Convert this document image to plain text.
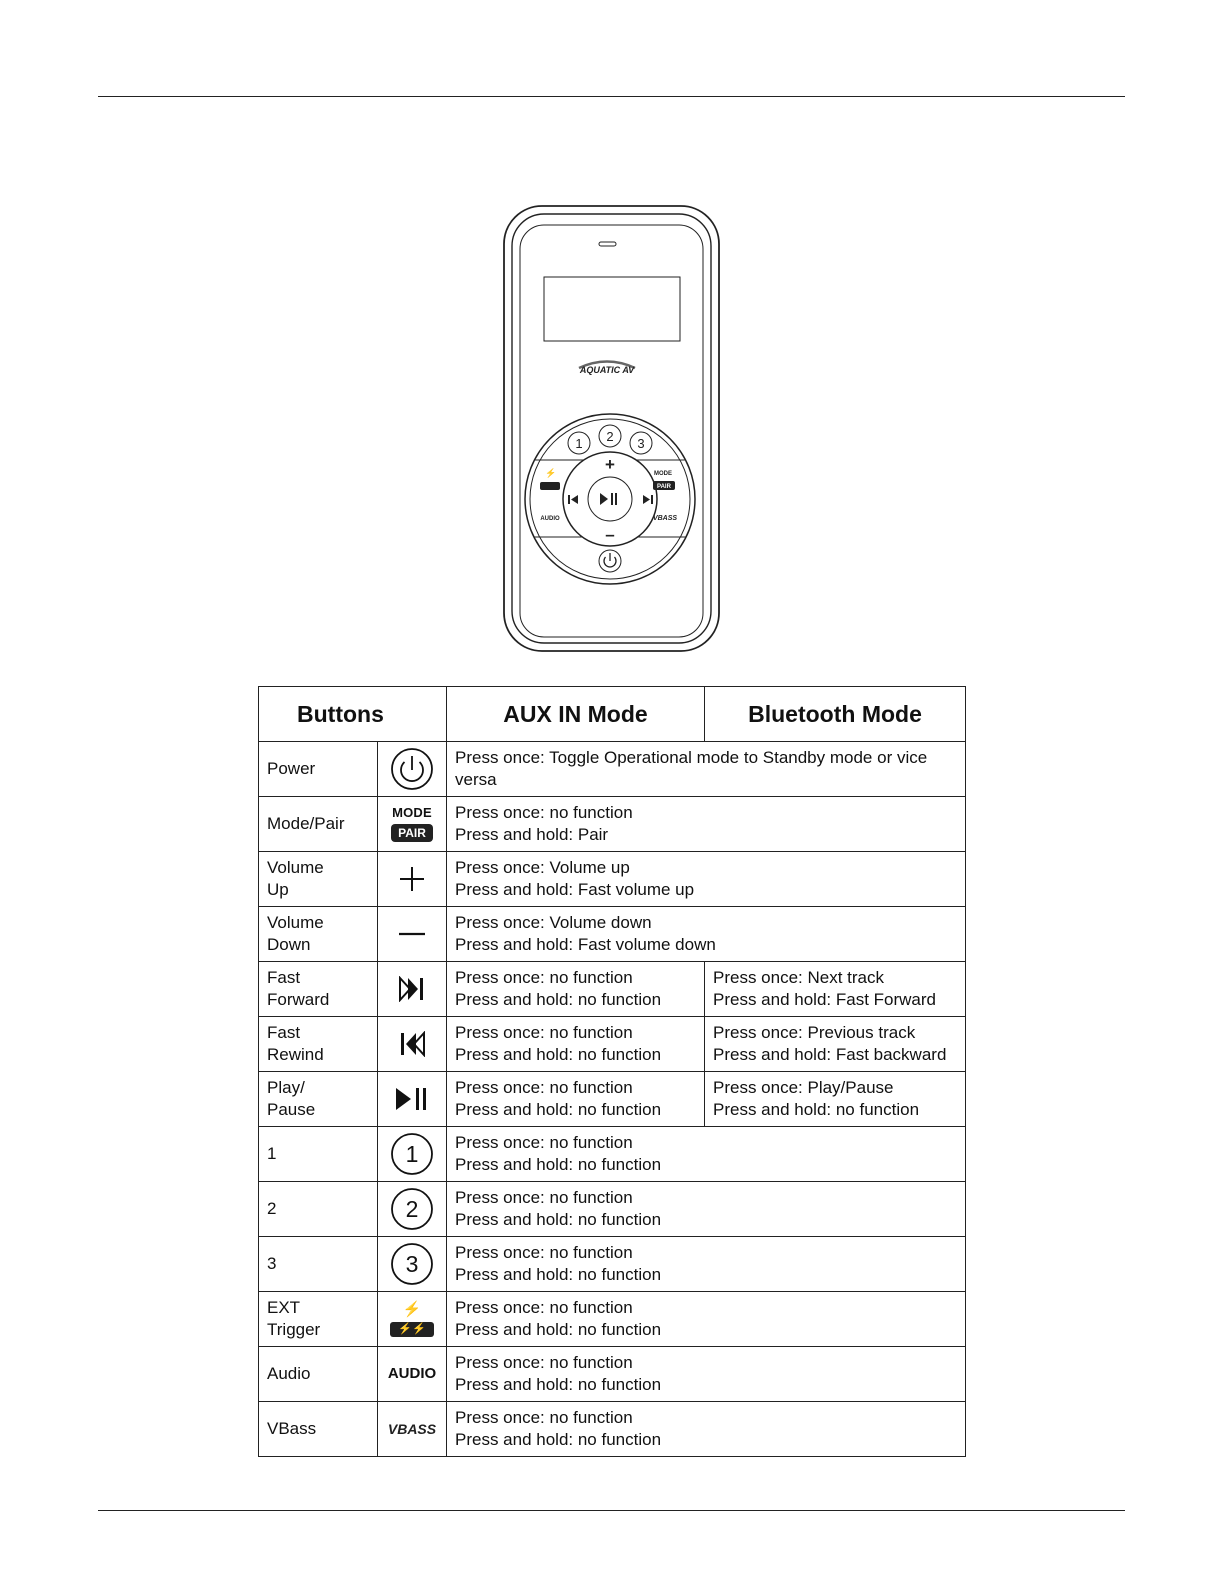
AQUATIC AV
1 2 3
+
–
⚡	MODE
PAIR
AUDIO	VBASS
Buttons		AUX IN Mode	Bluetooth Mode
Power		Press once: Toggle Operational mode to Standby mode or vice versa	
Mode/Pair	MODE
PAIR	Press once: no function
Press and hold: Pair	
Volume
Up		Press once: Volume up
Press and hold: Fast volume up	
Volume
Down		Press once: Volume down
Press and hold: Fast volume down	
Fast
Forward		Press once: no function
Press and hold: no function	Press once: Next track
Press and hold: Fast Forward
Fast
Rewind		Press once: no function
Press and hold: no function	Press once: Previous track
Press and hold: Fast backward
Play/
Pause		Press once: no function
Press and hold: no function	Press once: Play/Pause
Press and hold: no function
1	1	Press once: no function
Press and hold: no function	
2	2	Press once: no function
Press and hold: no function	
3	3	Press once: no function
Press and hold: no function	
EXT
Trigger	⚡
⚡⚡	Press once: no function
Press and hold: no function	
Audio	AUDIO	Press once: no function
Press and hold: no function	
VBass	VBASS	Press once: no function
Press and hold: no function	
